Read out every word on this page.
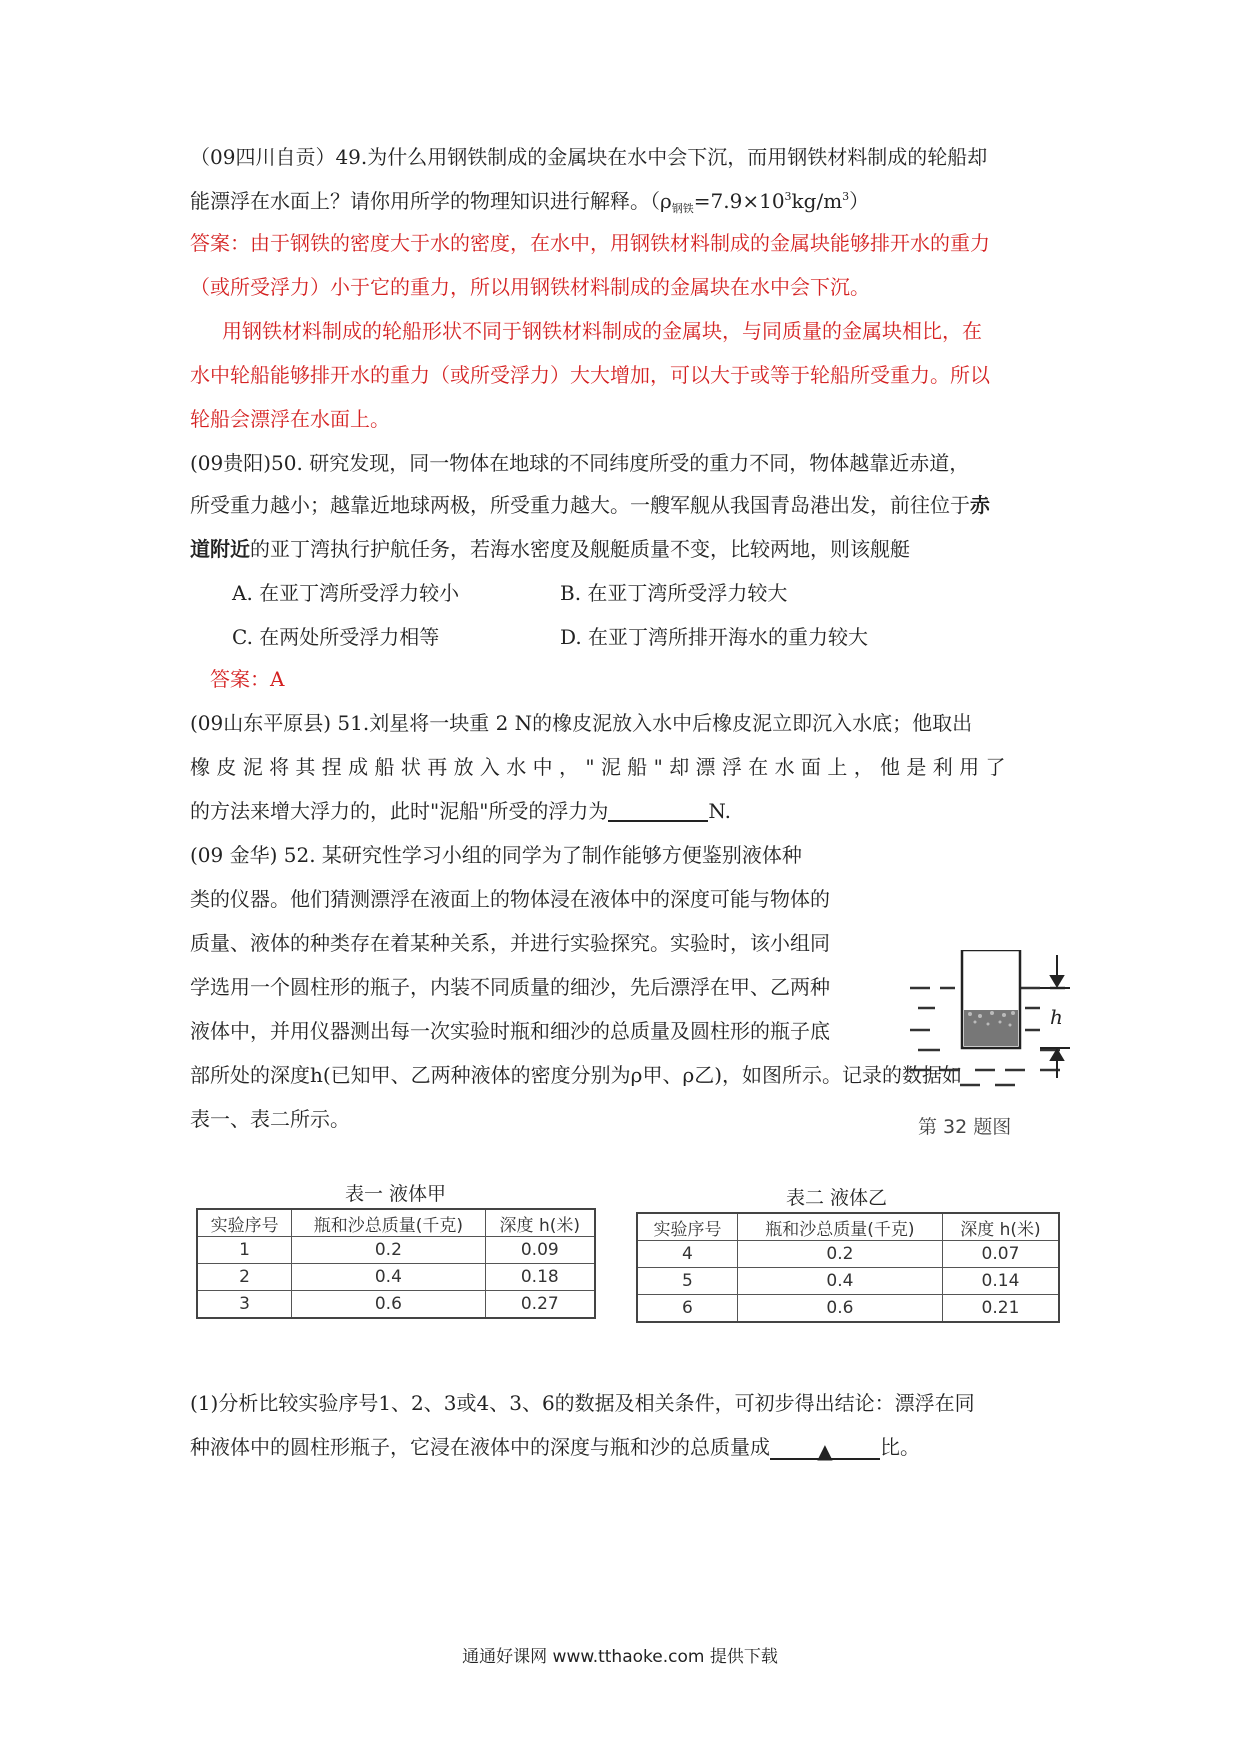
（09四川自贡）49.为什么用钢铁制成的金属块在水中会下沉，而用钢铁材料制成的轮船却
能漂浮在水面上？请你用所学的物理知识进行解释。$(\rho_{钢铁}=7.9\times 10^3kg/m^3)$
答案：由于钢铁的密度大于水的密度，在水中，用钢铁材料制成的金属块能够排开水的重力
（或所受浮力）小于它的重力，所以用钢铁材料制成的金属块在水中会下沉。
用钢铁材料制成的轮船形状不同于钢铁材料制成的金属块，与同质量的金属块相比，在
水中轮船能够排开水的重力（或所受浮力）大大增加，可以大于或等于轮船所受重力。所以
轮船会漂浮在水面上。
(09贵阳)50. 研究发现，同一物体在地球的不同纬度所受的重力不同，物体越靠近赤道，
所受重力越小；越靠近地球两极，所受重力越大。一艘军舰从我国青岛港出发，前往位于赤
道附近的亚丁湾执行护航任务，若海水密度及舰艇质量不变，比较两地，则该舰艇
A. 在亚丁湾所受浮力较小	B. 在亚丁湾所受浮力较大
C. 在两处所受浮力相等	D. 在亚丁湾所排开海水的重力较大
答案：A
(09山东平原县) 51.刘星将一块重 2 N的橡皮泥放入水中后橡皮泥立即沉入水底；他取出
橡 皮 泥 将 其 捏 成 船 状 再 放 入 水 中 ， " 泥 船 " 却 漂 浮 在 水 面 上 ， 他 是 利 用 了
的方法来增大浮力的，此时"泥船"所受的浮力为	N.
(09 金华) 52. 某研究性学习小组的同学为了制作能够方便鉴别液体种
类的仪器。他们猜测漂浮在液面上的物体浸在液体中的深度可能与物体的
质量、液体的种类存在着某种关系，并进行实验探究。实验时，该小组同
学选用一个圆柱形的瓶子，内装不同质量的细沙，先后漂浮在甲、乙两种
液体中，并用仪器测出每一次实验时瓶和细沙的总质量及圆柱形的瓶子底
部所处的深度h(已知甲、乙两种液体的密度分别为ρ甲、ρ乙)，如图所示。记录的数据如
表一、表二所示。
h
第 32 题图
表一 液体甲
实验序号	瓶和沙总质量(千克)	深度 h(米)
1	0.2	0.09
2	0.4	0.18
3	0.6	0.27
表二 液体乙
实验序号	瓶和沙总质量(千克)	深度 h(米)
4	0.2	0.07
5	0.4	0.14
6	0.6	0.21
(1)分析比较实验序号1、2、3或4、3、6的数据及相关条件，可初步得出结论：漂浮在同
种液体中的圆柱形瓶子，它浸在液体中的深度与瓶和沙的总质量成 ▲ 比。
通通好课网 www.tthaoke.com 提供下载
